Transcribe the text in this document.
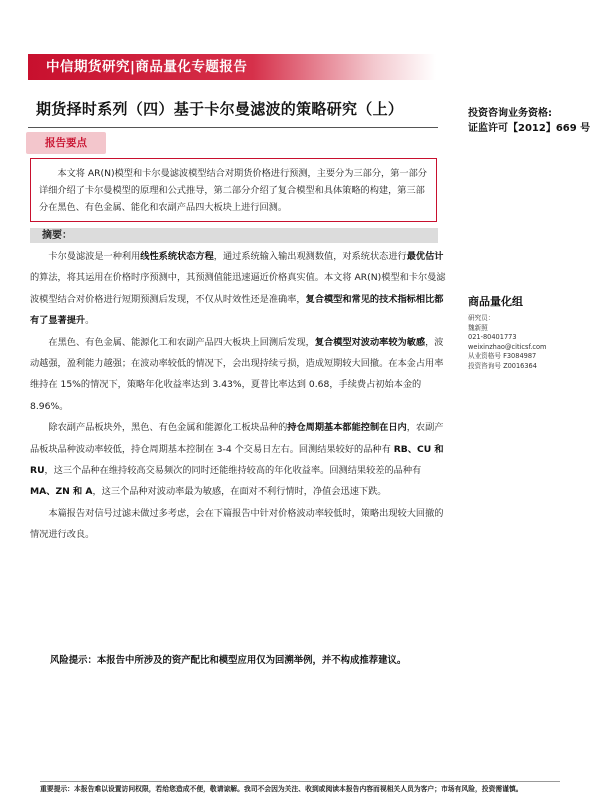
中信期货研究|商品量化专题报告
期货择时系列（四）基于卡尔曼滤波的策略研究（上）	投资咨询业务资格:
证监许可【2012】669 号
报告要点

本文将 AR(N)模型和卡尔曼滤波模型结合对期货价格进行预测，主要分为三部分，第一部分详细介绍了卡尔曼模型的原理和公式推导，第二部分介绍了复合模型和具体策略的构建，第三部分在黑色、有色金属、能化和农副产品四大板块上进行回测。

摘要：

卡尔曼滤波是一种利用线性系统状态方程，通过系统输入输出观测数值，对系统状态进行最优估计的算法，将其运用在价格时序预测中，其预测值能迅速逼近价格真实值。本文将 AR(N)模型和卡尔曼滤波模型结合对价格进行短期预测后发现，不仅从时效性还是准确率，复合模型和常见的技术指标相比都有了显著提升。

在黑色、有色金属、能源化工和农副产品四大板块上回测后发现，复合模型对波动率较为敏感，波动越强，盈利能力越强；在波动率较低的情况下，会出现持续亏损，造成短期较大回撤。在本金占用率维持在 15%的情况下，策略年化收益率达到 3.43%，夏普比率达到 0.68，手续费占初始本金的 8.96%。

除农副产品板块外，黑色、有色金属和能源化工板块品种的持仓周期基本都能控制在日内，农副产品板块品种波动率较低，持仓周期基本控制在 3-4 个交易日左右。回测结果较好的品种有 RB、CU 和 RU，这三个品种在维持较高交易频次的同时还能维持较高的年化收益率。回测结果较差的品种有 MA、ZN 和 A，这三个品种对波动率最为敏感，在面对不利行情时，净值会迅速下跌。

本篇报告对信号过滤未做过多考虑，会在下篇报告中针对价格波动率较低时，策略出现较大回撤的情况进行改良。

商品量化组
研究员：
魏新照
021-80401773
weixinzhao@citicsf.com
从业资格号 F3084987
投资咨询号 Z0016364
风险提示：本报告中所涉及的资产配比和模型应用仅为回溯举例，并不构成推荐建议。
重要提示：本报告难以设置访问权限，若给您造成不便，敬请谅解。我司不会因为关注、收到或阅读本报告内容而视相关人员为客户；市场有风险，投资需谨慎。
